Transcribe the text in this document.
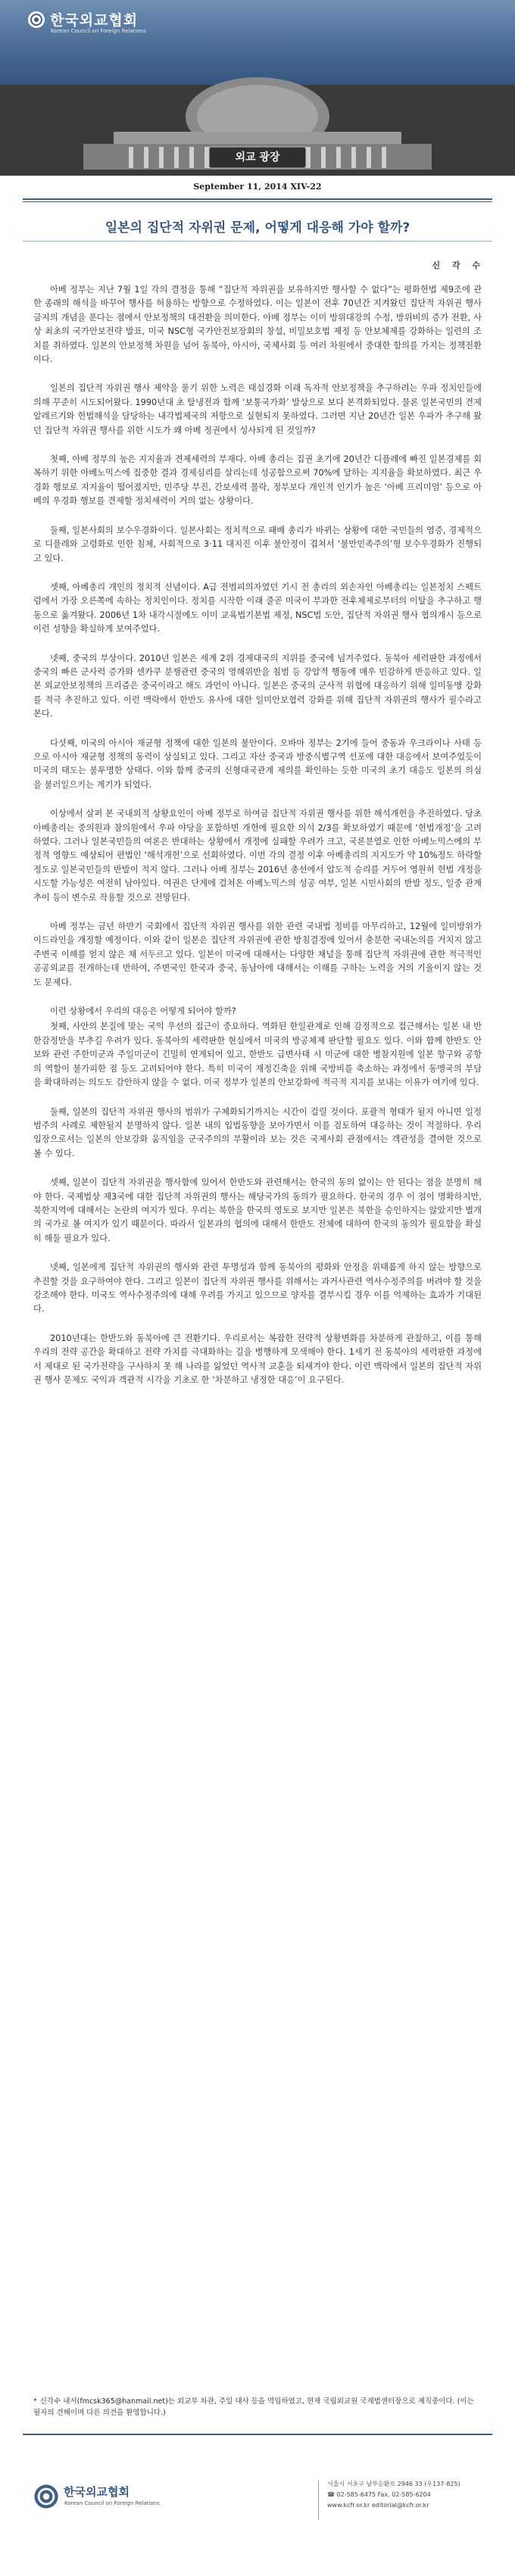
한국외교협회
Korean Council on Foreign Relations
외교 광장
September 11, 2014 XIV-22
일본의 집단적 자위권 문제, 어떻게 대응해 가야 할까?
신 각 수

아베 정부는 지난 7월 1일 각의 결정을 통해 “집단적 자위권을 보유하지만 행사할 수 없다”는 평화헌법 제9조에 관한 종래의 해석을 바꾸어 행사를 허용하는 방향으로 수정하였다. 이는 일본이 전후 70년간 지켜왔던 집단적 자위권 행사금지의 개념을 푼다는 점에서 안보정책의 대전환을 의미한다. 아베 정부는 이미 방위대강의 수정, 방위비의 증가 전환, 사상 최초의 국가안보전략 발표, 미국 NSC형 국가안전보장회의 창설, 비밀보호법 제정 등 안보체제를 강화하는 일련의 조치를 취하였다. 일본의 안보정책 차원을 넘어 동북아, 아시아, 국제사회 등 여러 차원에서 중대한 함의를 가지는 정책전환이다.

일본의 집단적 자위권 행사 제약을 풀기 위한 노력은 태실경화 이래 독자적 안보정책을 추구하려는 우파 정치인들에 의해 꾸준히 시도되어왔다. 1990년대 초 탈냉전과 함께 ‘보통국가화’ 발상으로 보다 본격화되었다. 물론 일본국민의 견제 알레르기와 헌법해석을 담당하는 내각법제국의 저항으로 실현되지 못하였다. 그러면 지난 20년간 일본 우파가 추구해 왔던 집단적 자위권 행사를 위한 시도가 왜 아베 정권에서 성사되게 된 것일까?

첫째, 아베 정부의 높은 지지율과 견제세력의 부재다. 아베 총리는 집권 초기에 20년간 디플레에 빠진 일본경제를 회복하기 위한 아베노믹스에 집중한 결과 경제심리를 살리는데 성공함으로써 70%에 달하는 지지율을 확보하였다. 최근 우경화 행보로 지지율이 떨어졌지만, 민주당 부진, 간보세력 몰락, 정부보다 개인적 인기가 높은 ‘아베 프리미엄’ 등으로 아베의 우경화 행보를 견제할 정치세력이 거의 없는 상황이다.

둘째, 일본사회의 보수우경화이다. 일본사회는 정치적으로 패배 총리가 바뀌는 상황에 대한 국민들의 염증, 경제적으로 디플레와 고령화로 인한 침체, 사회적으로 3·11 대지진 이후 불안정이 겹쳐서 ‘불만민족주의’형 보수우경화가 진행되고 있다.

셋째, 아베총리 개인의 정치적 신념이다. A급 전범피의자였던 기시 전 총리의 외손자인 아베총리는 일본정치 스펙트럼에서 가장 오른쪽에 속하는 정치인이다. 정치를 시작한 이래 줄곧 미국이 부과한 전후체제로부터의 이탈을 추구하고 행동으로 옮겨왔다. 2006년 1차 내각시절에도 이미 교육법기본법 제정, NSC법 도안, 집단적 자위권 행사 협의개시 등으로 이런 성향을 확실하게 보여주었다.

넷째, 중국의 부상이다. 2010년 일본은 세계 2위 경제대국의 지위를 중국에 넘겨주었다. 동북아 세력판한 과정에서 중국의 빠른 군사력 증가와 센카쿠 분쟁관련 중국의 영해위반을 침범 등 강압적 행동에 매우 민감하게 반응하고 있다. 일본 외교안보정책의 프리즘은 중국이라고 해도 과언이 아니다. 일본은 중국의 군사적 위협에 대응하기 위해 일미동맹 강화를 적극 추진하고 있다. 이런 맥락에서 한반도 유사에 대한 일미안보협력 강화를 위해 집단적 자위권의 행사가 필수라고 본다.

다섯째, 미국의 아시아 재균형 정책에 대한 일본의 불안이다. 오바마 정부는 2기에 들어 중동과 우크라이나 사태 등으로 아시아 재균형 정책의 동력이 상실되고 있다. 그리고 자산 중국과 방중식별구역 선포에 대한 대응에서 보여주었듯이 미국의 태도는 불투명한 상태다. 이와 함께 중국의 신형대국관계 제의를 확인하는 듯한 미국의 초기 대응도 일본의 의심을 불러일으키는 계기가 되었다.

이상에서 살펴 본 국내외적 상황요인이 아베 정부로 하여금 집단적 자위권 행사를 위한 해석개헌을 추진하였다. 당초 아베총리는 중의원과 참의원에서 우파 야당을 포함하면 개헌에 필요한 의석 2/3를 확보하였기 때문에 ‘헌법개정’을 고려하였다. 그러나 일본국민들의 여론은 반대하는 상황에서 개정에 실패할 우려가 크고, 국론분열로 인한 아베노믹스에의 부정적 영향도 예상되어 편법인 ‘해석개헌’으로 선회하였다. 이번 각의 결정 이후 아베총리의 지지도가 약 10%정도 하락할 정도로 일본국민들의 반발이 적지 않다. 그러나 아베 정부는 2016년 총선에서 압도적 승리를 거두어 영원히 헌법 개정을 시도할 가능성은 여전히 남아있다. 여권은 단계에 걸쳐온 아베노믹스의 성공 여부, 일본 시민사회의 반발 정도, 일중 관계 추이 등이 변수로 작용할 것으로 전망된다.

아베 정부는 금년 하반기 국회에서 집단적 자위권 행사를 위한 관련 국내법 정비를 마무리하고, 12월에 일미방위가이드라인을 개정할 예정이다. 이와 같이 일본은 집단적 자위권에 관한 방침결정에 있어서 충분한 국내논의를 거치지 않고 주변국 이해를 얻지 않은 채 서두르고 있다. 일본이 미국에 대해서는 다양한 채널을 통해 집단적 자위권에 관한 적극적인 공공외교를 전개하는데 반하여, 주변국인 한국과 중국, 동남아에 대해서는 이해를 구하는 노력을 거의 기울이지 않는 것도 문제다.

이런 상황에서 우리의 대응은 어떻게 되어야 할까?

첫째, 사안의 본질에 맞는 국익 우선의 접근이 중요하다. 역화된 한일관계로 인해 감정적으로 접근해서는 일본 내 반한감정만을 부추길 우려가 있다. 동북아의 세력판한 현실에서 미국의 방공체제 판단할 필요도 있다. 이와 함께 한반도 안보와 관련 주한미군과 주일미군이 긴밀히 연계되어 있고, 한반도 급변사태 시 미군에 대한 병참지원에 일본 항구와 공항의 역할이 불가피한 점 등도 고려되어야 한다. 특히 미국이 재정긴축을 위해 국방비를 축소하는 과정에서 동맹국의 부담을 확대하려는 의도도 감안하지 않을 수 없다. 미국 정부가 일본의 안보강화에 적극적 지지를 보내는 이유가 여기에 있다.

둘째, 일본의 집단적 자위권 행사의 범위가 구체화되기까지는 시간이 걸릴 것이다. 포괄적 형태가 될지 아니면 일정 범주의 사례로 제한될지 분명하지 않다. 일본 내의 입법동향을 보아가면서 이를 검토하여 대응하는 것이 적절하다. 우리 입장으로서는 일본의 안보강화 움직임을 군국주의의 부활이라 보는 것은 국제사회 관점에서는 객관성을 결여한 것으로 볼 수 있다.

셋째, 일본이 집단적 자위권을 행사함에 있어서 한반도와 관련해서는 한국의 동의 없이는 안 된다는 점을 분명히 해야 한다. 국제법상 제3국에 대한 집단적 자위권의 행사는 해당국가의 동의가 필요하다. 한국의 경우 이 점이 명확하지만, 북한지역에 대해서는 논란의 여지가 있다. 우리는 북한을 한국의 영토로 보지만 일본은 북한을 승인하지는 않았지만 별개의 국가로 볼 여지가 있기 때문이다. 따라서 일본과의 협의에 대해서 한반도 전체에 대하여 한국의 동의가 필요함을 확실히 해둘 필요가 있다.

넷째, 일본에게 집단적 자위권의 행사와 관련 투명성과 함께 동북아의 평화와 안정을 위태롭게 하지 않는 방향으로 추진할 것을 요구하여야 한다. 그리고 일본이 집단적 자위권 행사를 위해서는 과거사관련 역사수정주의를 버려야 할 것을 강조해야 한다. 미국도 역사수정주의에 대해 우려를 가지고 있으므로 양자를 결부시킬 경우 이를 억제하는 효과가 기대된다.

2010년대는 한반도와 동북아에 큰 전환기다. 우리로서는 복잡한 전략적 상황변화를 차분하게 관찰하고, 이를 통해 우리의 전략 공간을 확대하고 전략 가치를 극대화하는 길을 병행하게 모색해야 한다. 1세기 전 동북아의 세력판한 과정에서 제대로 된 국가전략을 구사하지 못 해 나라를 잃었던 역사적 교훈을 되새겨야 한다. 이런 맥락에서 일본의 집단적 자위권 행사 문제도 국익과 객관적 시각을 기초로 한 ‘차분하고 냉정한 대응’이 요구된다.

* 신각수 내서(fmcsk365@hanmail.net)는 외교부 차관, 주일 대사 등을 역임하였고, 현재 국립외교원 국제법센터장으로 재직중이다. (이는 필자의 견해이며 다른 의견을 환영합니다.)
한국외교협회
Korean Council on Foreign Relations
서울시 서초구 남부순환로 2946 33 (우137-825)
☎ 02-585-6475 Fax. 02-585-6204
www.kcfr.or.kr editorial@kcfr.or.kr
